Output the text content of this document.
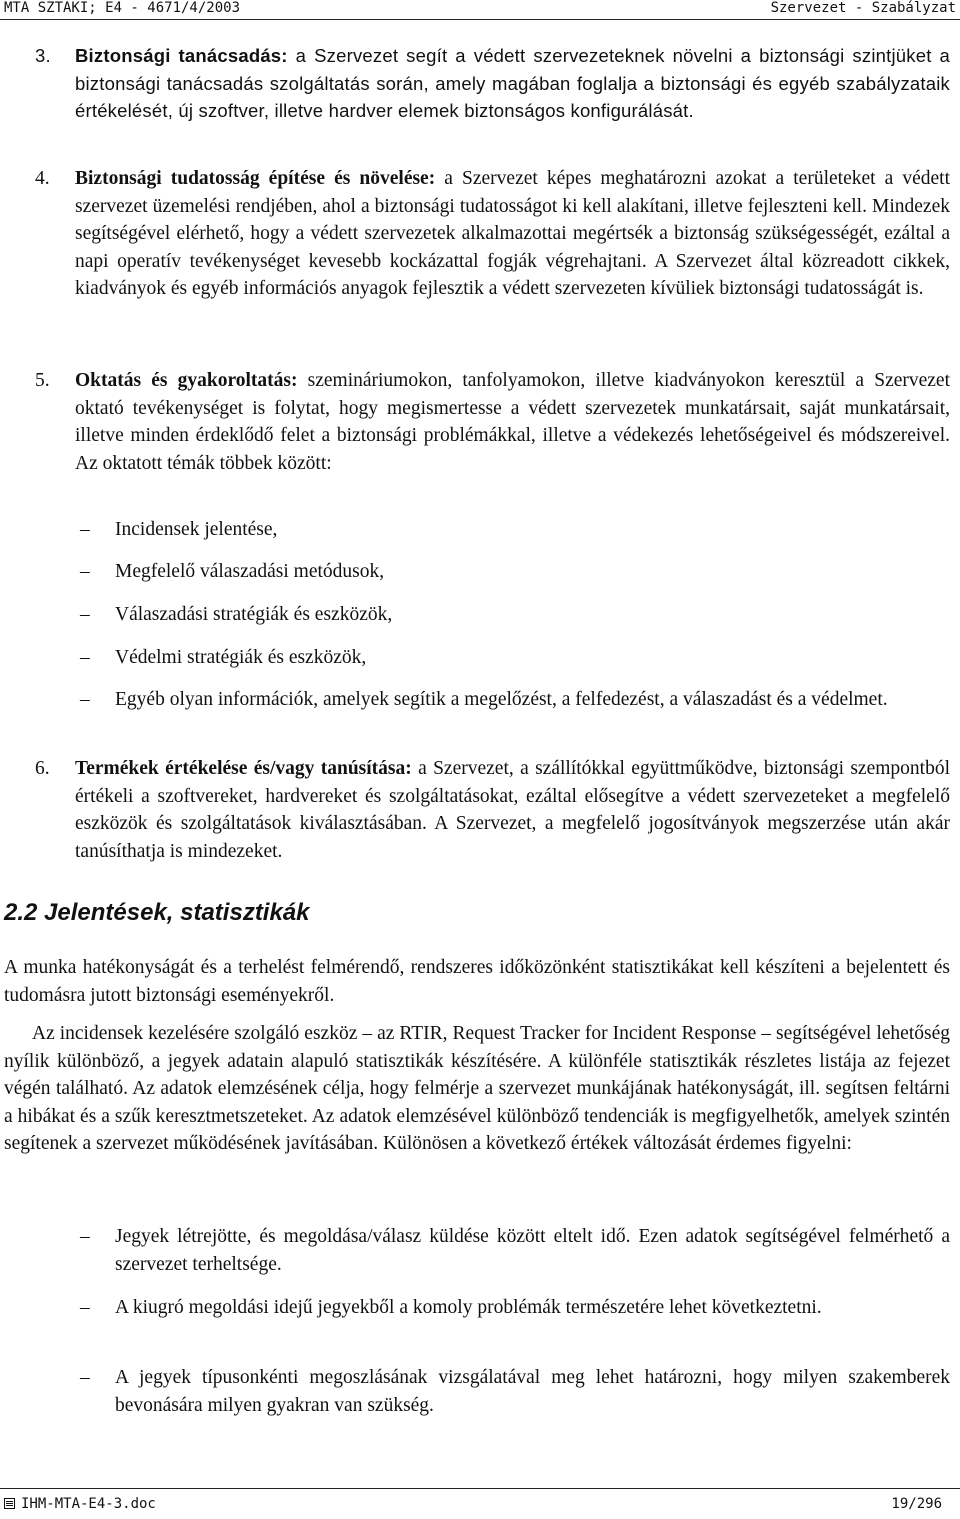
MTA SZTAKI; E4 - 4671/4/2003	Szervezet - Szabályzat
3. Biztonsági tanácsadás: a Szervezet segít a védett szervezeteknek növelni a biztonsági szintjüket a biztonsági tanácsadás szolgáltatás során, amely magában foglalja a biztonsági és egyéb szabályzataik értékelését, új szoftver, illetve hardver elemek biztonságos konfigurálását.
4. Biztonsági tudatosság építése és növelése: a Szervezet képes meghatározni azokat a területeket a védett szervezet üzemelési rendjében, ahol a biztonsági tudatosságot ki kell alakítani, illetve fejleszteni kell. Mindezek segítségével elérhető, hogy a védett szervezetek alkalmazottai megértsék a biztonság szükségességét, ezáltal a napi operatív tevékenységet kevesebb kockázattal fogják végrehajtani. A Szervezet által közreadott cikkek, kiadványok és egyéb információs anyagok fejlesztik a védett szervezeten kívüliek biztonsági tudatosságát is.
5. Oktatás és gyakoroltatás: szemináriumokon, tanfolyamokon, illetve kiadványokon keresztül a Szervezet oktató tevékenységet is folytat, hogy megismertesse a védett szervezetek munkatársait, saját munkatársait, illetve minden érdeklődő felet a biztonsági problémákkal, illetve a védekezés lehetőségeivel és módszereivel. Az oktatott témák többek között:
– Incidensek jelentése,
– Megfelelő válaszadási metódusok,
– Válaszadási stratégiák és eszközök,
– Védelmi stratégiák és eszközök,
– Egyéb olyan információk, amelyek segítik a megelőzést, a felfedezést, a válaszadást és a védelmet.
6. Termékek értékelése és/vagy tanúsítása: a Szervezet, a szállítókkal együttműködve, biztonsági szempontból értékeli a szoftvereket, hardvereket és szolgáltatásokat, ezáltal elősegítve a védett szervezeteket a megfelelő eszközök és szolgáltatások kiválasztásában. A Szervezet, a megfelelő jogosítványok megszerzése után akár tanúsíthatja is mindezeket.
2.2 Jelentések, statisztikák
A munka hatékonyságát és a terhelést felmérendő, rendszeres időközönként statisztikákat kell készíteni a bejelentett és tudomásra jutott biztonsági eseményekről.
Az incidensek kezelésére szolgáló eszköz – az RTIR, Request Tracker for Incident Response – segítségével lehetőség nyílik különböző, a jegyek adatain alapuló statisztikák készítésére. A különféle statisztikák részletes listája az fejezet végén található. Az adatok elemzésének célja, hogy felmérje a szervezet munkájának hatékonyságát, ill. segítsen feltárni a hibákat és a szűk keresztmetszeteket. Az adatok elemzésével különböző tendenciák is megfigyelhetők, amelyek szintén segítenek a szervezet működésének javításában. Különösen a következő értékek változását érdemes figyelni:
– Jegyek létrejötte, és megoldása/válasz küldése között eltelt idő. Ezen adatok segítségével felmérhető a szervezet terheltsége.
– A kiugró megoldási idejű jegyekből a komoly problémák természetére lehet következtetni.
– A jegyek típusonkénti megoszlásának vizsgálatával meg lehet határozni, hogy milyen szakemberek bevonására milyen gyakran van szükség.
IHM-MTA-E4-3.doc	19/296
